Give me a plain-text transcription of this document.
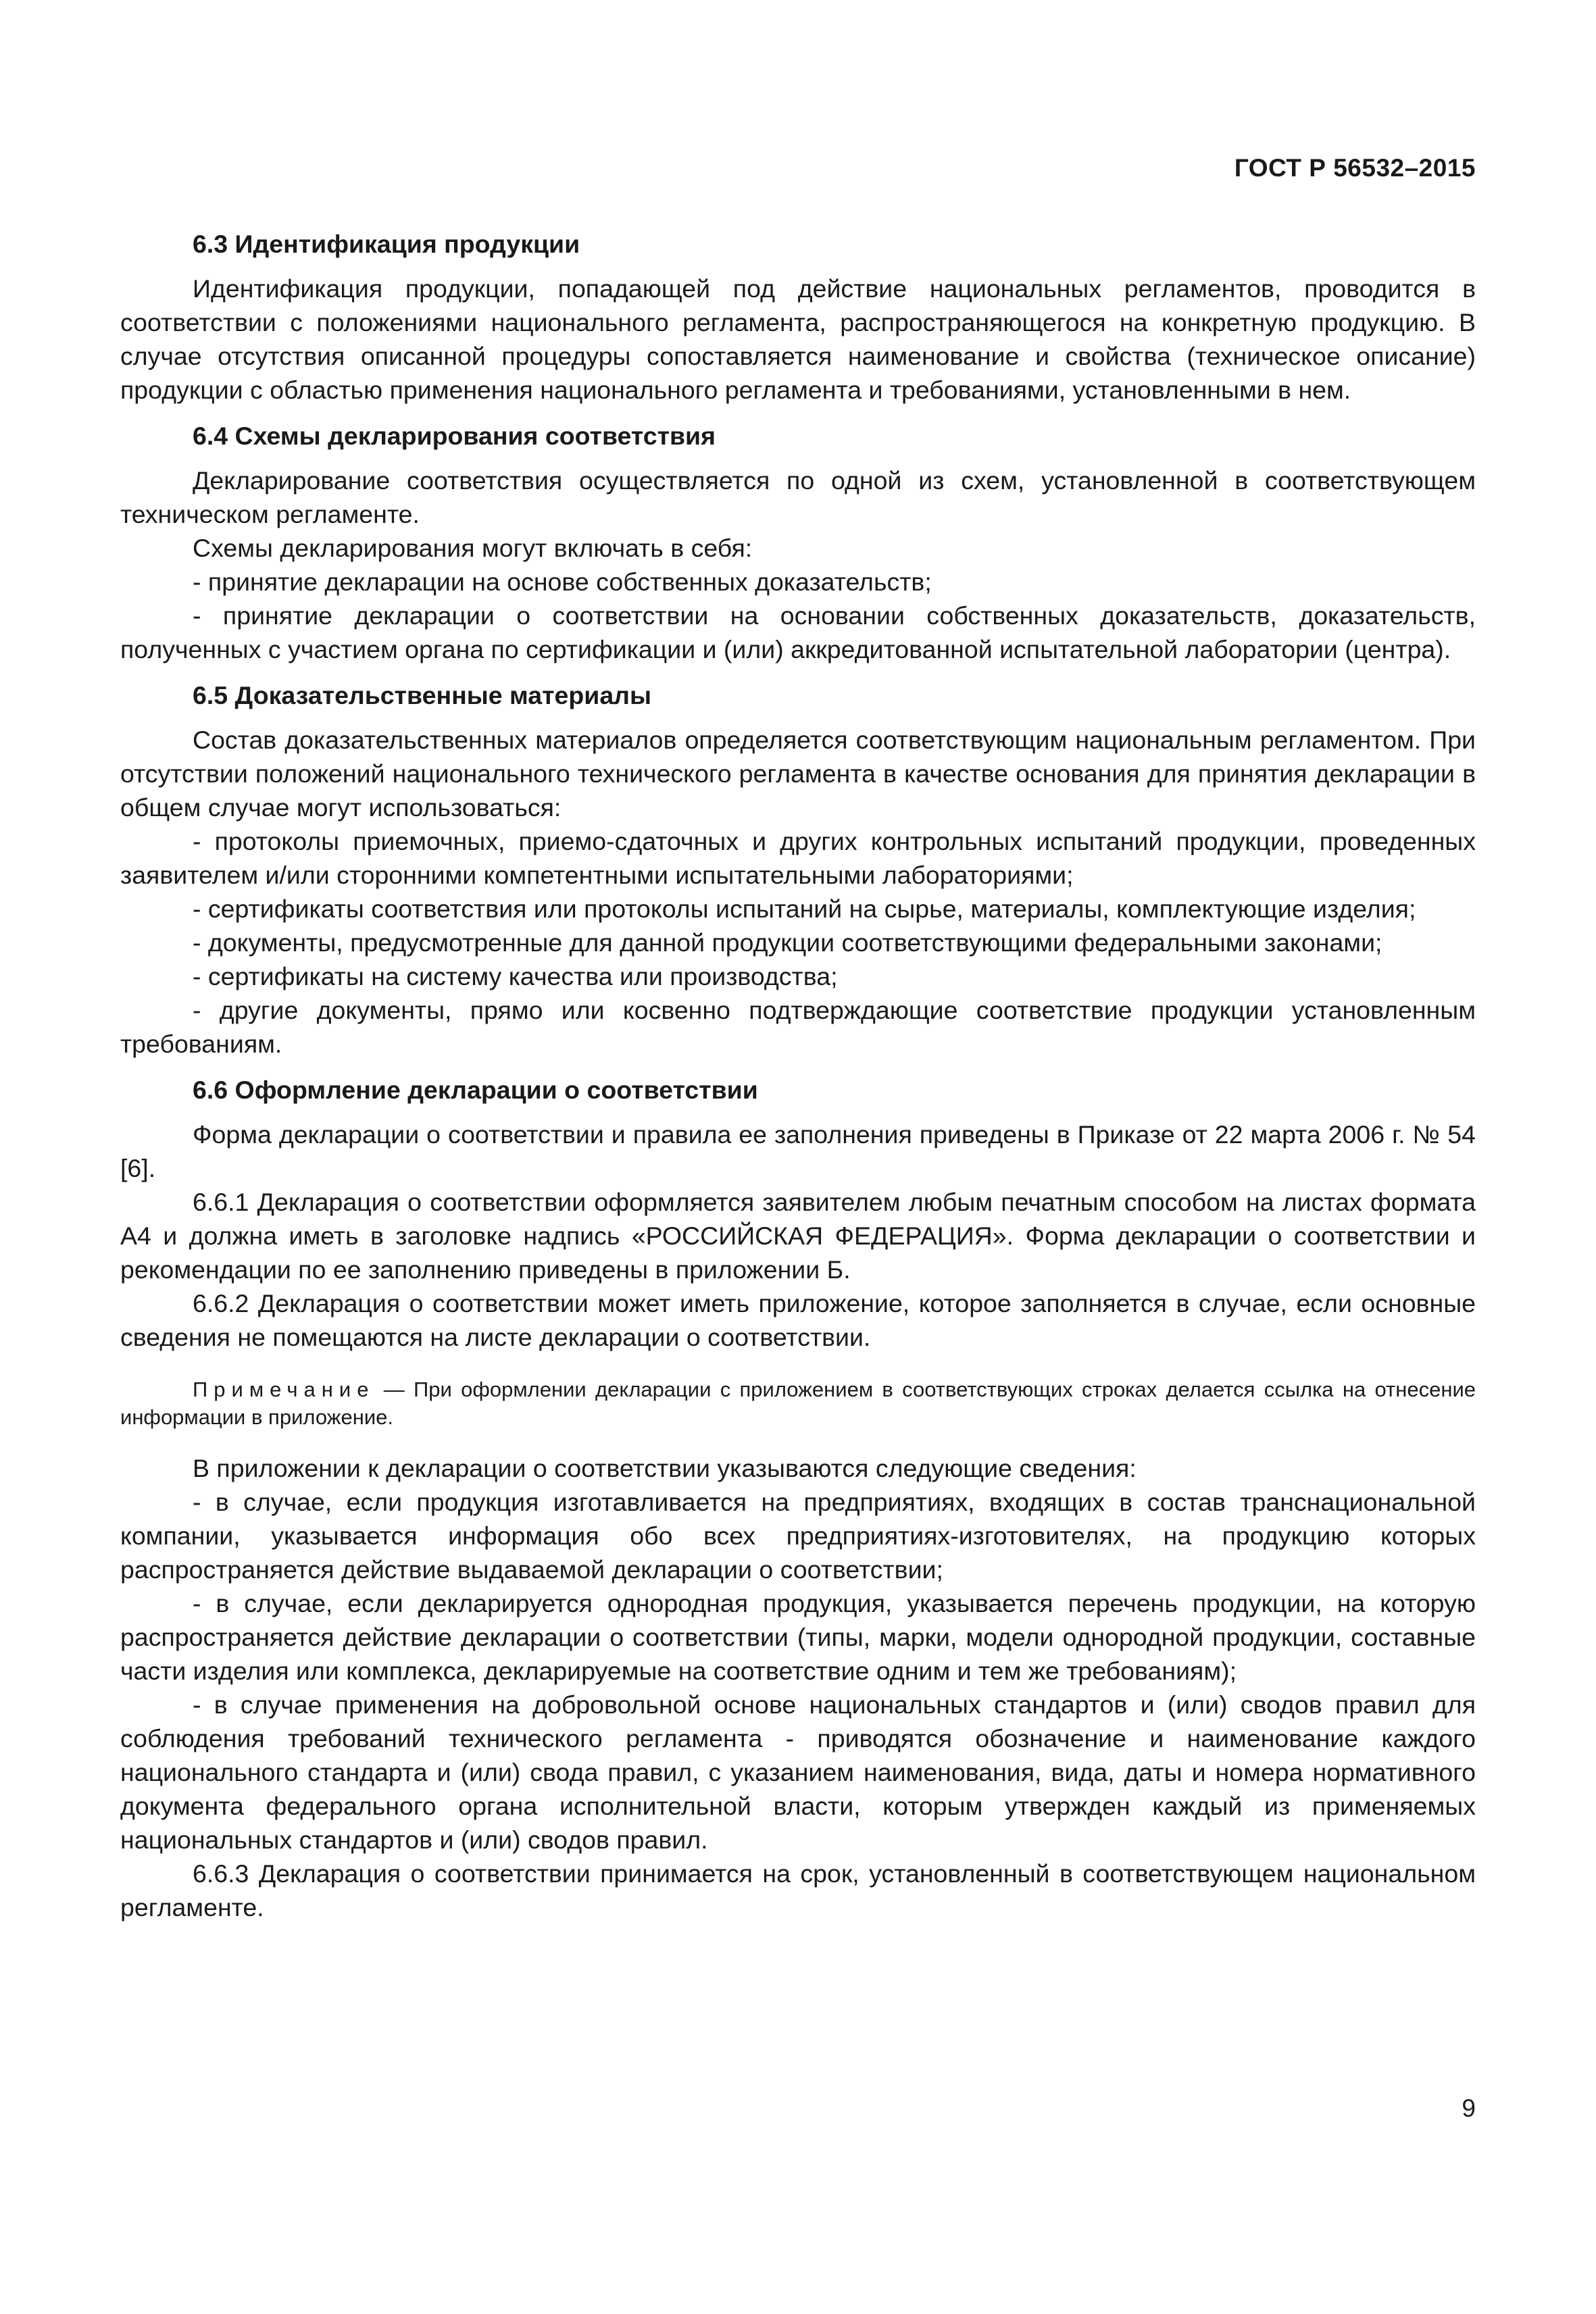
ГОСТ Р 56532–2015
6.3 Идентификация продукции

Идентификация продукции, попадающей под действие национальных регламентов, проводится в соответствии с положениями национального регламента, распространяющегося на конкретную продукцию. В случае отсутствия описанной процедуры сопоставляется наименование и свойства (техническое описание) продукции с областью применения национального регламента и требованиями, установленными в нем.

6.4 Схемы декларирования соответствия

Декларирование соответствия осуществляется по одной из схем, установленной в соответствующем техническом регламенте.

Схемы декларирования могут включать в себя:

- принятие декларации на основе собственных доказательств;

- принятие декларации о соответствии на основании собственных доказательств, доказательств, полученных с участием органа по сертификации и (или) аккредитованной испытательной лаборатории (центра).

6.5 Доказательственные материалы

Состав доказательственных материалов определяется соответствующим национальным регламентом. При отсутствии положений национального технического регламента в качестве основания для принятия декларации в общем случае могут использоваться:

- протоколы приемочных, приемо-сдаточных и других контрольных испытаний продукции, проведенных заявителем и/или сторонними компетентными испытательными лабораториями;

- сертификаты соответствия или протоколы испытаний на сырье, материалы, комплектующие изделия;

- документы, предусмотренные для данной продукции соответствующими федеральными законами;

- сертификаты на систему качества или производства;

- другие документы, прямо или косвенно подтверждающие соответствие продукции установленным требованиям.

6.6 Оформление декларации о соответствии

Форма декларации о соответствии и правила ее заполнения приведены в Приказе от 22 марта 2006 г. № 54 [6].

6.6.1 Декларация о соответствии оформляется заявителем любым печатным способом на листах формата А4 и должна иметь в заголовке надпись «РОССИЙСКАЯ ФЕДЕРАЦИЯ». Форма декларации о соответствии и рекомендации по ее заполнению приведены в приложении Б.

6.6.2 Декларация о соответствии может иметь приложение, которое заполняется в случае, если основные сведения не помещаются на листе декларации о соответствии.

Примечание — При оформлении декларации с приложением в соответствующих строках делается ссылка на отнесение информации в приложение.

В приложении к декларации о соответствии указываются следующие сведения:

- в случае, если продукция изготавливается на предприятиях, входящих в состав транснациональной компании, указывается информация обо всех предприятиях-изготовителях, на продукцию которых распространяется действие выдаваемой декларации о соответствии;

- в случае, если декларируется однородная продукция, указывается перечень продукции, на которую распространяется действие декларации о соответствии (типы, марки, модели однородной продукции, составные части изделия или комплекса, декларируемые на соответствие одним и тем же требованиям);

- в случае применения на добровольной основе национальных стандартов и (или) сводов правил для соблюдения требований технического регламента - приводятся обозначение и наименование каждого национального стандарта и (или) свода правил, с указанием наименования, вида, даты и номера нормативного документа федерального органа исполнительной власти, которым утвержден каждый из применяемых национальных стандартов и (или) сводов правил.

6.6.3 Декларация о соответствии принимается на срок, установленный в соответствующем национальном регламенте.

9
